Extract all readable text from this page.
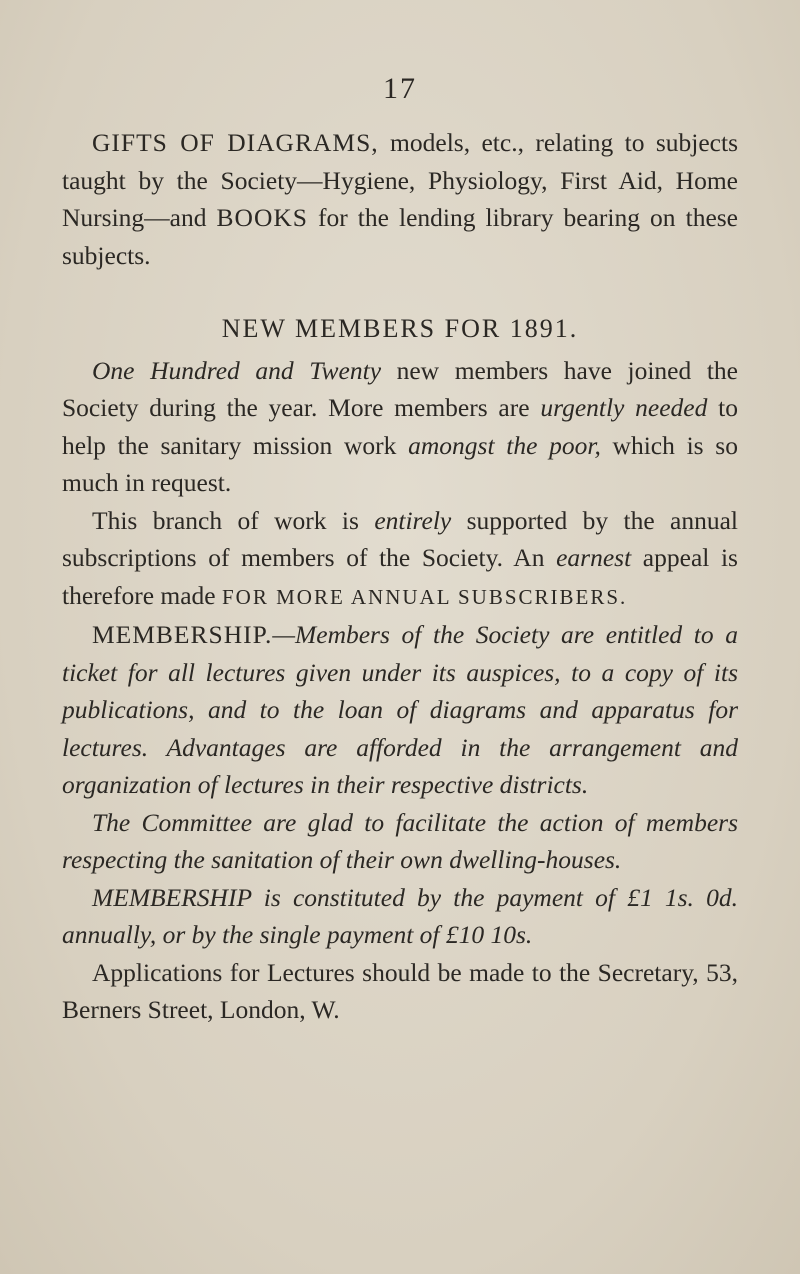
17

GIFTS OF DIAGRAMS, models, etc., relating to subjects taught by the Society—Hygiene, Physiology, First Aid, Home Nursing—and BOOKS for the lending library bearing on these subjects.

NEW MEMBERS FOR 1891.

One Hundred and Twenty new members have joined the Society during the year. More members are urgently needed to help the sanitary mission work amongst the poor, which is so much in request.

This branch of work is entirely supported by the annual subscriptions of members of the Society. An earnest appeal is therefore made FOR MORE ANNUAL SUBSCRIBERS.

MEMBERSHIP.—Members of the Society are entitled to a ticket for all lectures given under its auspices, to a copy of its publications, and to the loan of diagrams and apparatus for lectures. Advantages are afforded in the arrangement and organization of lectures in their respective districts.

The Committee are glad to facilitate the action of members respecting the sanitation of their own dwelling-houses.

MEMBERSHIP is constituted by the payment of £1 1s. 0d. annually, or by the single payment of £10 10s.

Applications for Lectures should be made to the Secretary, 53, Berners Street, London, W.
